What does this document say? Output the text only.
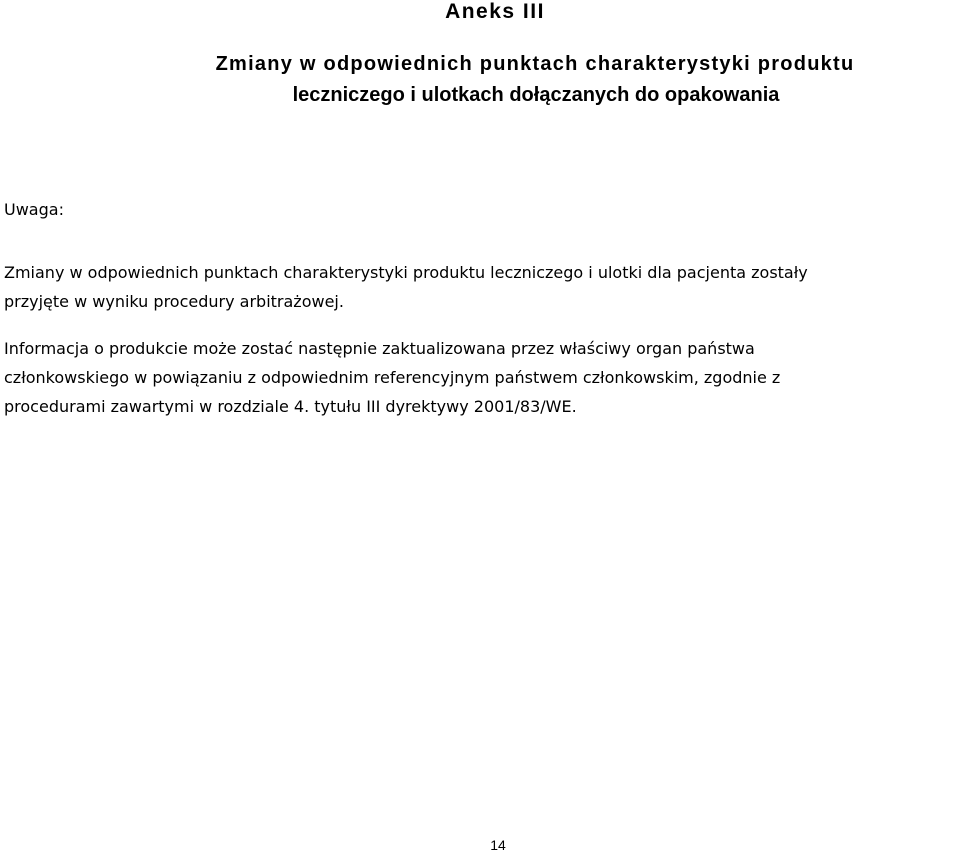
Aneks III
Zmiany w odpowiednich punktach charakterystyki produktu
leczniczego i ulotkach dołączanych do opakowania
Uwaga:
Zmiany w odpowiednich punktach charakterystyki produktu leczniczego i ulotki dla pacjenta zostały
przyjęte w wyniku procedury arbitrażowej.
Informacja o produkcie może zostać następnie zaktualizowana przez właściwy organ państwa
członkowskiego w powiązaniu z odpowiednim referencyjnym państwem członkowskim, zgodnie z
procedurami zawartymi w rozdziale 4. tytułu III dyrektywy 2001/83/WE.
14
